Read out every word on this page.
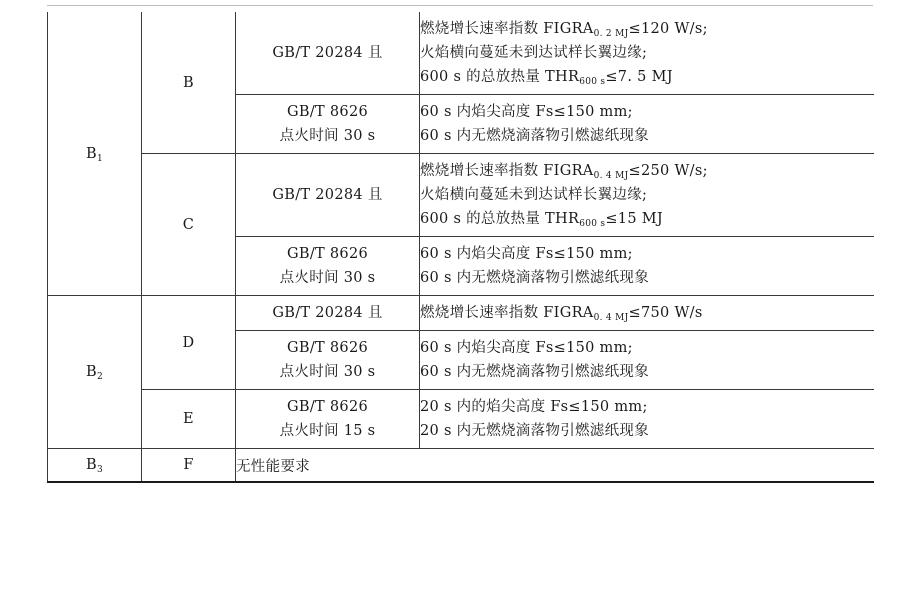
$B_1$	B	GB/T 20284 且	燃烧增长速率指数 $FIGRA_{0. 2 MJ}\le 120$ W/s;
火焰横向蔓延未到达试样长翼边缘;
600 s 的总放热量 $THR_{600 s}\le 7$. 5 MJ

		GB/T 8626
点火时间 30 s	60 s 内焰尖高度 Fs≤150 mm;
60 s 内无燃烧滴落物引燃滤纸现象

	C	GB/T 20284 且	燃烧增长速率指数 $FIGRA_{0. 4 MJ}\le 250$ W/s;
火焰横向蔓延未到达试样长翼边缘;
600 s 的总放热量 $THR_{600 s}\le 15$ MJ

		GB/T 8626
点火时间 30 s	60 s 内焰尖高度 Fs≤150 mm;
60 s 内无燃烧滴落物引燃滤纸现象

$B_2$	D	GB/T 20284 且	燃烧增长速率指数 $FIGRA_{0. 4 MJ}\le 750$ W/s

		GB/T 8626
点火时间 30 s	60 s 内焰尖高度 Fs≤150 mm;
60 s 内无燃烧滴落物引燃滤纸现象

	E	GB/T 8626
点火时间 15 s	20 s 内的焰尖高度 Fs≤150 mm;
20 s 内无燃烧滴落物引燃滤纸现象

$B_3$	F	无性能要求	
